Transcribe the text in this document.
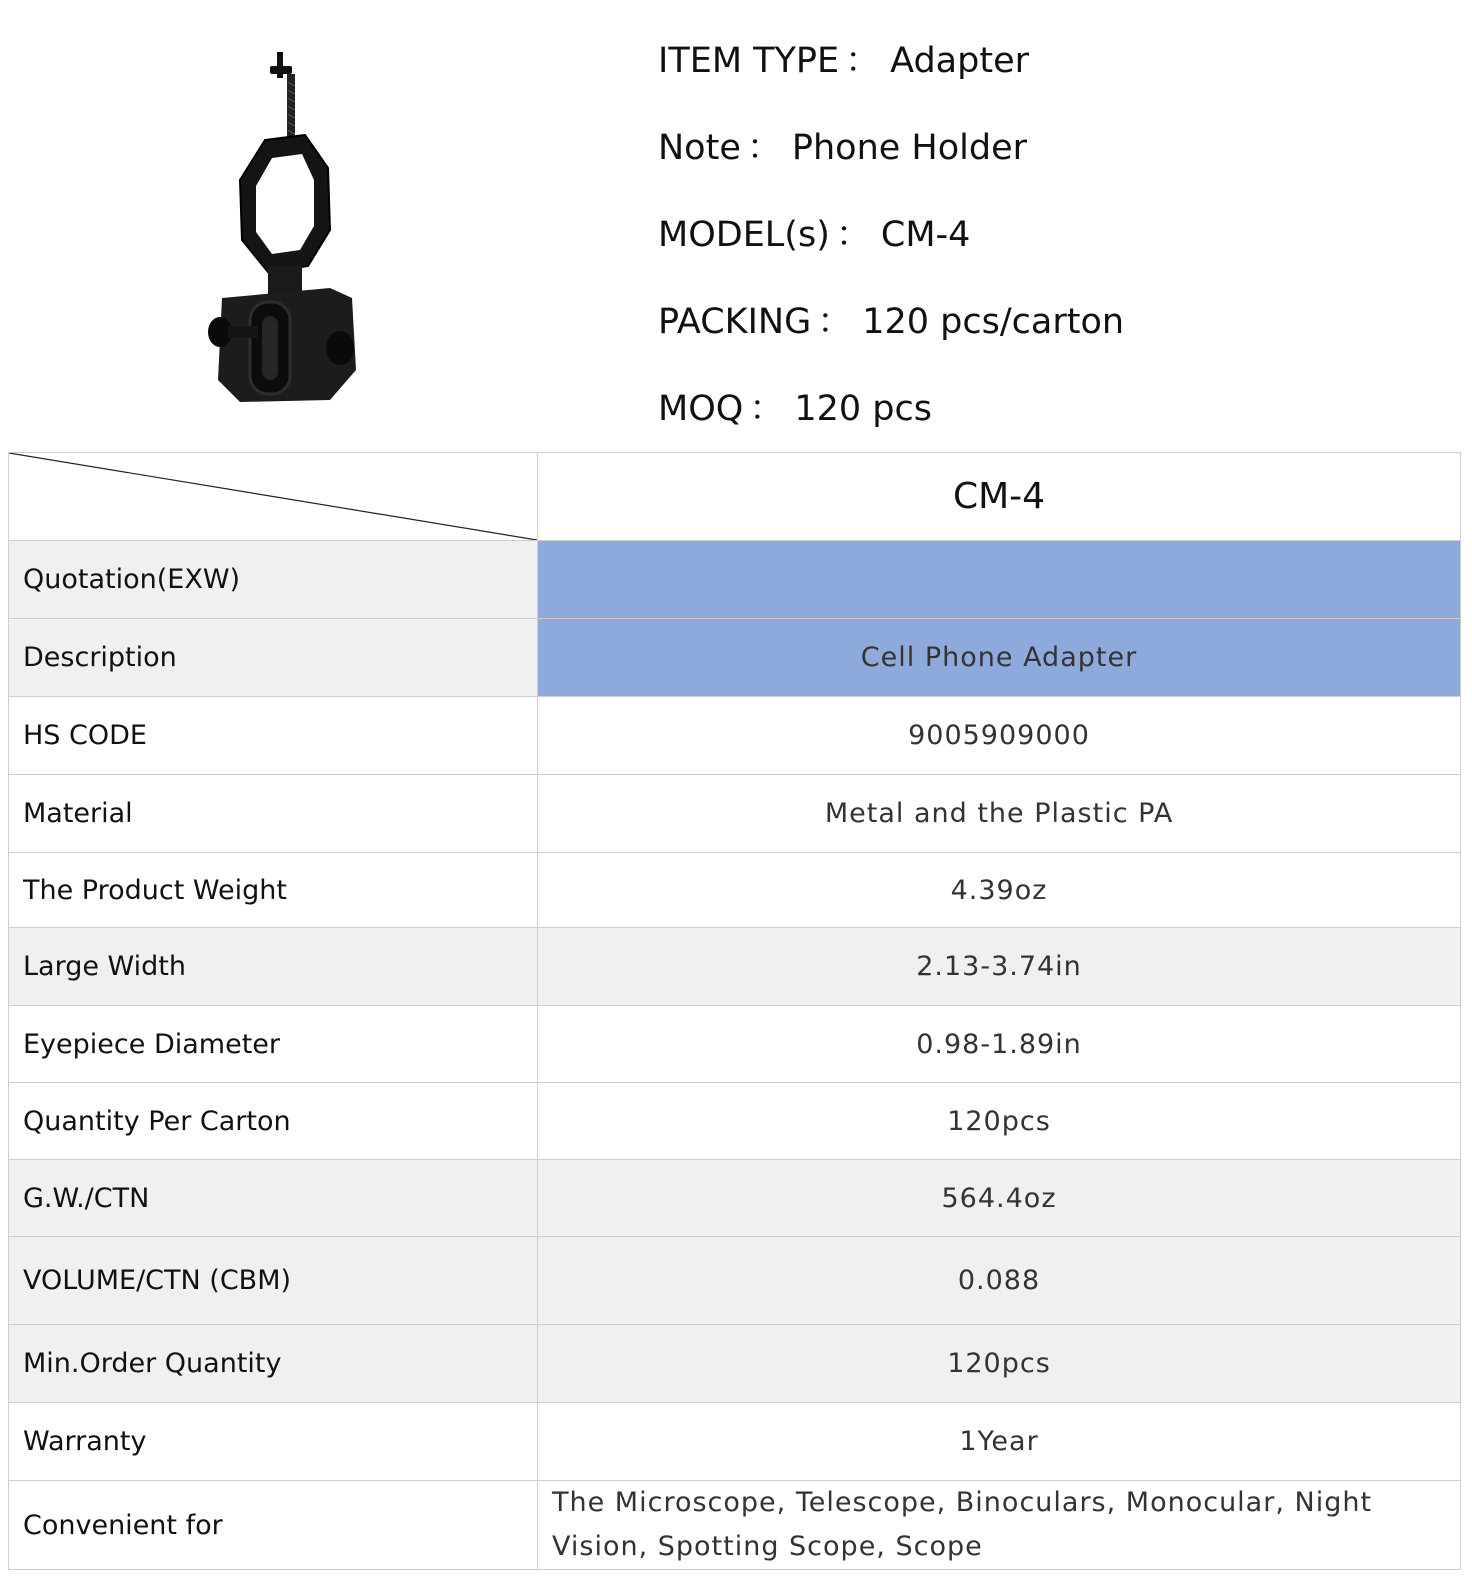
ITEM TYPE ： Adapter
Note ： Phone Holder
MODEL(s) ： CM-4
PACKING ： 120 pcs/carton
MOQ ： 120 pcs
	CM-4
Quotation(EXW)	
Description	Cell Phone Adapter
HS CODE	9005909000
Material	Metal and the Plastic PA
The Product Weight	4.39oz
Large Width	2.13-3.74in
Eyepiece Diameter	0.98-1.89in
Quantity Per Carton	120pcs
G.W./CTN	564.4oz
VOLUME/CTN (CBM)	0.088
Min.Order Quantity	120pcs
Warranty	1Year
Convenient for	The Microscope, Telescope, Binoculars, Monocular, Night Vision, Spotting Scope, Scope
